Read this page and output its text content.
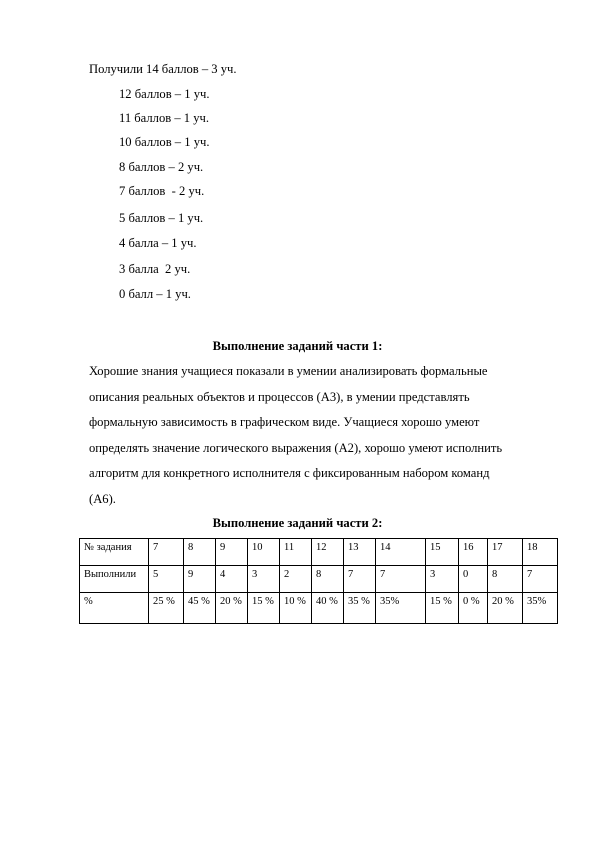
Получили 14 баллов – 3 уч.
12 баллов – 1 уч.
11 баллов – 1 уч.
10 баллов – 1 уч.
8 баллов – 2 уч.
7 баллов  - 2 уч.
5 баллов – 1 уч.
4 балла – 1 уч.
3 балла  2 уч.
0 балл – 1 уч.
Выполнение заданий части 1:
Хорошие знания учащиеся показали в умении анализировать формальные
описания реальных объектов и процессов (А3), в умении представлять
формальную зависимость в графическом виде. Учащиеся хорошо умеют
определять значение логического выражения (А2), хорошо умеют исполнить
алгоритм для конкретного исполнителя с фиксированным набором команд
(А6).
Выполнение заданий части 2:
№ задания	7	8	9	10	11	12	13	14	15	16	17	18
Выполнили	5	9	4	3	2	8	7	7	3	0	8	7
%	25 %	45 %	20 %	15 %	10 %	40 %	35 %	35%	15 %	0 %	20 %	35%
